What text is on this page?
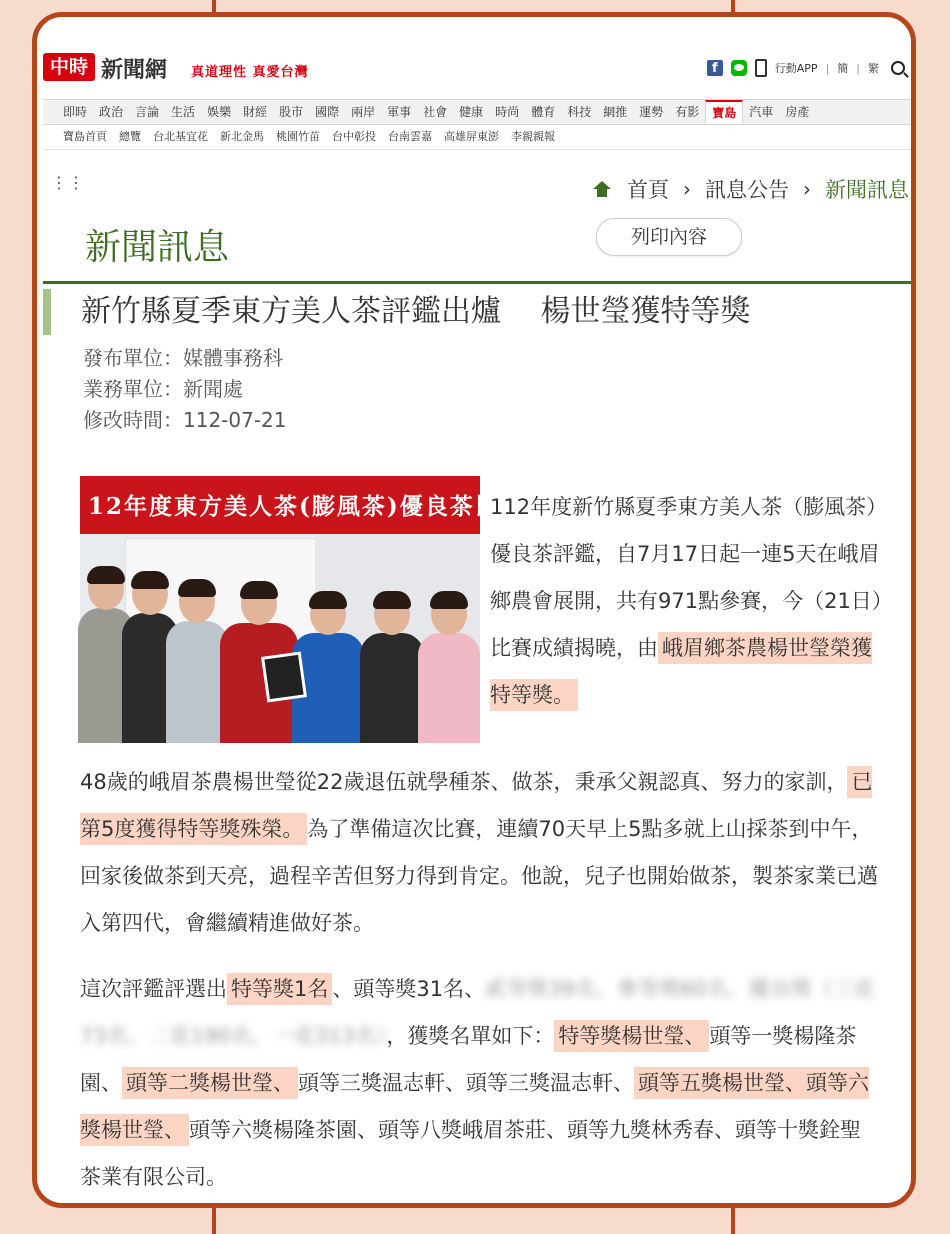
中時 新聞網 真道理性 真愛台灣	f	行動APP | 簡 | 繁
即時	政治	言論	生活	娛樂	財經	股市	國際	兩岸	軍事	社會	健康	時尚	體育	科技	網推	運勢	有影	寶島	汽車	房產
寶島首頁	總覽	台北基宜花	新北金馬	桃園竹苗	台中彰投	台南雲嘉	高雄屏東澎	李親親報
⋮⋮	首頁 › 訊息公告 › 新聞訊息
新聞訊息	列印內容
新竹縣夏季東方美人茶評鑑出爐　 楊世瑩獲特等獎
發布單位 ： 媒體事務科
業務單位 ： 新聞處
修改時間 ： 112-07-21
12年度東方美人茶(膨風茶)優良茶比賽
112年度新竹縣夏季東方美人茶（膨風茶）優良茶評鑑，自7月17日起一連5天在峨眉鄉農會展開，共有971點參賽，今（21日）比賽成績揭曉，由 峨眉鄉茶農楊世瑩榮獲特等獎。
48歲的峨眉茶農楊世瑩從22歲退伍就學種茶、做茶，秉承父親認真、努力的家訓， 已第5度獲得特等獎殊榮。 為了準備這次比賽，連續70天早上5點多就上山採茶到中午，回家後做茶到天亮，過程辛苦但努力得到肯定。他說，兒子也開始做茶，製茶家業已邁入第四代，會繼續精進做好茶。
這次評鑑評選出 特等獎1名 、頭等獎31名、貳等獎39名、參等獎60名、優良獎（三花73名、二花190名、一花313名），獲獎名單如下： 特等獎楊世瑩、 頭等一獎楊隆茶園、 頭等二獎楊世瑩、 頭等三獎温志軒、頭等三獎温志軒、 頭等五獎楊世瑩、頭等六獎楊世瑩、 頭等六獎楊隆茶園、頭等八獎峨眉茶莊、頭等九獎林秀春、頭等十獎銓聖茶業有限公司。
